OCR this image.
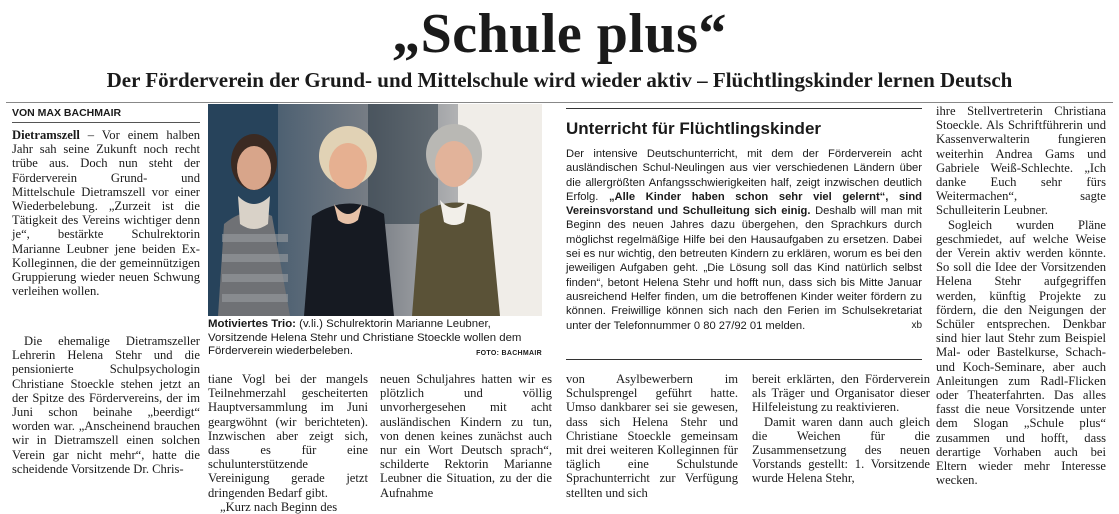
„Schule plus“
Der Förderverein der Grund- und Mittelschule wird wieder aktiv – Flüchtlingskinder lernen Deutsch
VON MAX BACHMAIR

Dietramszell – Vor einem halben Jahr sah seine Zukunft noch recht trübe aus. Doch nun steht der Förderverein Grund- und Mittelschule Dietramszell vor einer Wiederbelebung. „Zurzeit ist die Tätigkeit des Vereins wichtiger denn je“, bestärkte Schulrektorin Marianne Leubner jene beiden Ex-Kolleginnen, die der gemeinnützigen Gruppierung wieder neuen Schwung verleihen wollen.

Die ehemalige Dietramszeller Lehrerin Helena Stehr und die pensionierte Schulpsychologin Christiane Stoeckle stehen jetzt an der Spitze des Fördervereins, der im Juni schon beinahe „beerdigt“ worden war. „Anscheinend brauchen wir in Dietramszell einen solchen Verein gar nicht mehr“, hatte die scheidende Vorsitzende Dr. Chris-

Motiviertes Trio: (v.li.) Schulrektorin Marianne Leubner, Vorsitzende Helena Stehr und Christiane Stoeckle wollen dem Förderverein wiederbeleben.	FOTO: BACHMAIR

tiane Vogl bei der mangels Teilnehmerzahl gescheiterten Hauptversammlung im Juni geargwöhnt (wir berichteten). Inzwischen aber zeigt sich, dass es für eine schulunterstützende Vereinigung gerade jetzt dringenden Bedarf gibt.

„Kurz nach Beginn des

neuen Schuljahres hatten wir es plötzlich und völlig unvorhergesehen mit acht ausländischen Kindern zu tun, von denen keines zunächst auch nur ein Wort Deutsch sprach“, schilderte Rektorin Marianne Leubner die Situation, zu der die Aufnahme

Unterricht für Flüchtlingskinder
Der intensive Deutschunterricht, mit dem der Förderverein acht ausländischen Schul-Neulingen aus vier verschiedenen Ländern über die allergrößten Anfangsschwierigkeiten half, zeigt inzwischen deutlich Erfolg. „Alle Kinder haben schon sehr viel gelernt“, sind Vereinsvorstand und Schulleitung sich einig. Deshalb will man mit Beginn des neuen Jahres dazu übergehen, den Sprachkurs durch möglichst regelmäßige Hilfe bei den Hausaufgaben zu ersetzen. Dabei sei es nur wichtig, den betreuten Kindern zu erklären, worum es bei den jeweiligen Aufgaben geht. „Die Lösung soll das Kind natürlich selbst finden“, betont Helena Stehr und hofft nun, dass sich bis Mitte Januar ausreichend Helfer finden, um die betroffenen Kinder weiter fördern zu können. Freiwillige können sich nach den Ferien im Schulsekretariat unter der Telefonnummer 0 80 27/92 01 melden.	xb

von Asylbewerbern im Schulsprengel geführt hatte. Umso dankbarer sei sie gewesen, dass sich Helena Stehr und Christiane Stoeckle gemeinsam mit drei weiteren Kolleginnen für täglich eine Schulstunde Sprachunterricht zur Verfügung stellten und sich

bereit erklärten, den Förderverein als Träger und Organisator dieser Hilfeleistung zu reaktivieren.

Damit waren dann auch gleich die Weichen für die Zusammensetzung des neuen Vorstands gestellt: 1. Vorsitzende wurde Helena Stehr,

ihre Stellvertreterin Christiana Stoeckle. Als Schriftführerin und Kassenverwalterin fungieren weiterhin Andrea Gams und Gabriele Weiß-Schlechte. „Ich danke Euch sehr fürs Weitermachen“, sagte Schulleiterin Leubner.

Sogleich wurden Pläne geschmiedet, auf welche Weise der Verein aktiv werden könnte. So soll die Idee der Vorsitzenden Helena Stehr aufgegriffen werden, künftig Projekte zu fördern, die den Neigungen der Schüler entsprechen. Denkbar sind hier laut Stehr zum Beispiel Mal- oder Bastelkurse, Schach- und Koch-Seminare, aber auch Anleitungen zum Radl-Flicken oder Theaterfahrten. Das alles fasst die neue Vorsitzende unter dem Slogan „Schule plus“ zusammen und hofft, dass derartige Vorhaben auch bei Eltern wieder mehr Interesse wecken.
